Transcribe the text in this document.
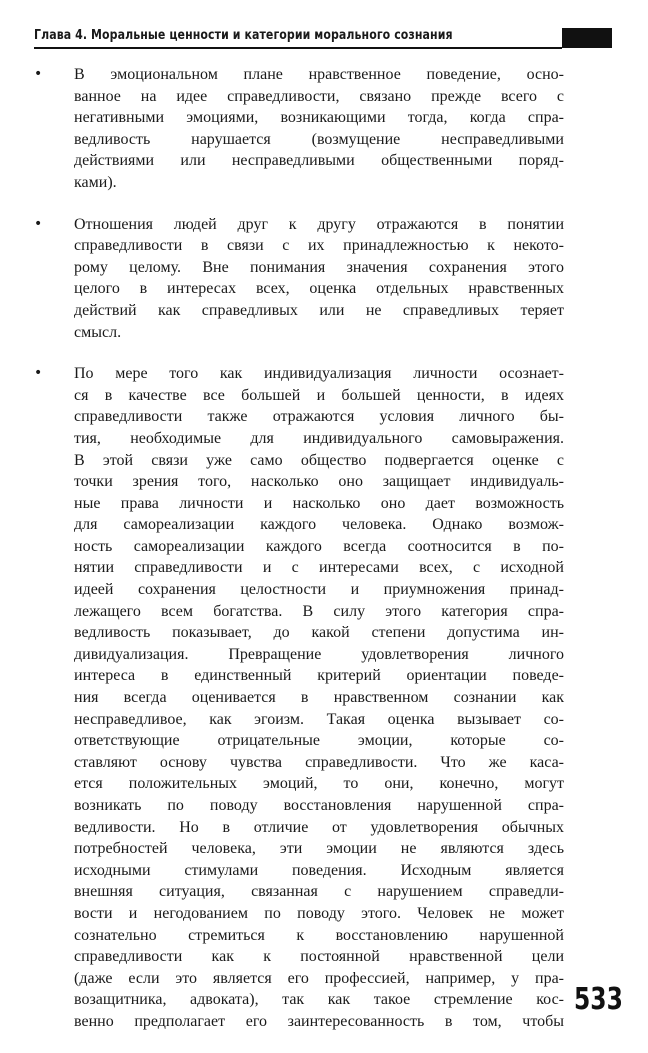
Глава 4. Моральные ценности и категории морального сознания
• В эмоциональном плане нравственное поведение, осно-
ванное на идее справедливости, связано прежде всего с
негативными эмоциями, возникающими тогда, когда спра-
ведливость нарушается (возмущение несправедливыми
действиями или несправедливыми общественными поряд-
ками).
• Отношения людей друг к другу отражаются в понятии
справедливости в связи с их принадлежностью к некото-
рому целому. Вне понимания значения сохранения этого
целого в интересах всех, оценка отдельных нравственных
действий как справедливых или не справедливых теряет
смысл.
• По мере того как индивидуализация личности осознает-
ся в качестве все большей и большей ценности, в идеях
справедливости также отражаются условия личного бы-
тия, необходимые для индивидуального самовыражения.
В этой связи уже само общество подвергается оценке с
точки зрения того, насколько оно защищает индивидуаль-
ные права личности и насколько оно дает возможность
для самореализации каждого человека. Однако возмож-
ность самореализации каждого всегда соотносится в по-
нятии справедливости и с интересами всех, с исходной
идеей сохранения целостности и приумножения принад-
лежащего всем богатства. В силу этого категория спра-
ведливость показывает, до какой степени допустима ин-
дивидуализация. Превращение удовлетворения личного
интереса в единственный критерий ориентации поведе-
ния всегда оценивается в нравственном сознании как
несправедливое, как эгоизм. Такая оценка вызывает со-
ответствующие отрицательные эмоции, которые со-
ставляют основу чувства справедливости. Что же каса-
ется положительных эмоций, то они, конечно, могут
возникать по поводу восстановления нарушенной спра-
ведливости. Но в отличие от удовлетворения обычных
потребностей человека, эти эмоции не являются здесь
исходными стимулами поведения. Исходным является
внешняя ситуация, связанная с нарушением справедли-
вости и негодованием по поводу этого. Человек не может
сознательно стремиться к восстановлению нарушенной
справедливости как к постоянной нравственной цели
(даже если это является его профессией, например, у пра-
возащитника, адвоката), так как такое стремление кос-
венно предполагает его заинтересованность в том, чтобы
533
